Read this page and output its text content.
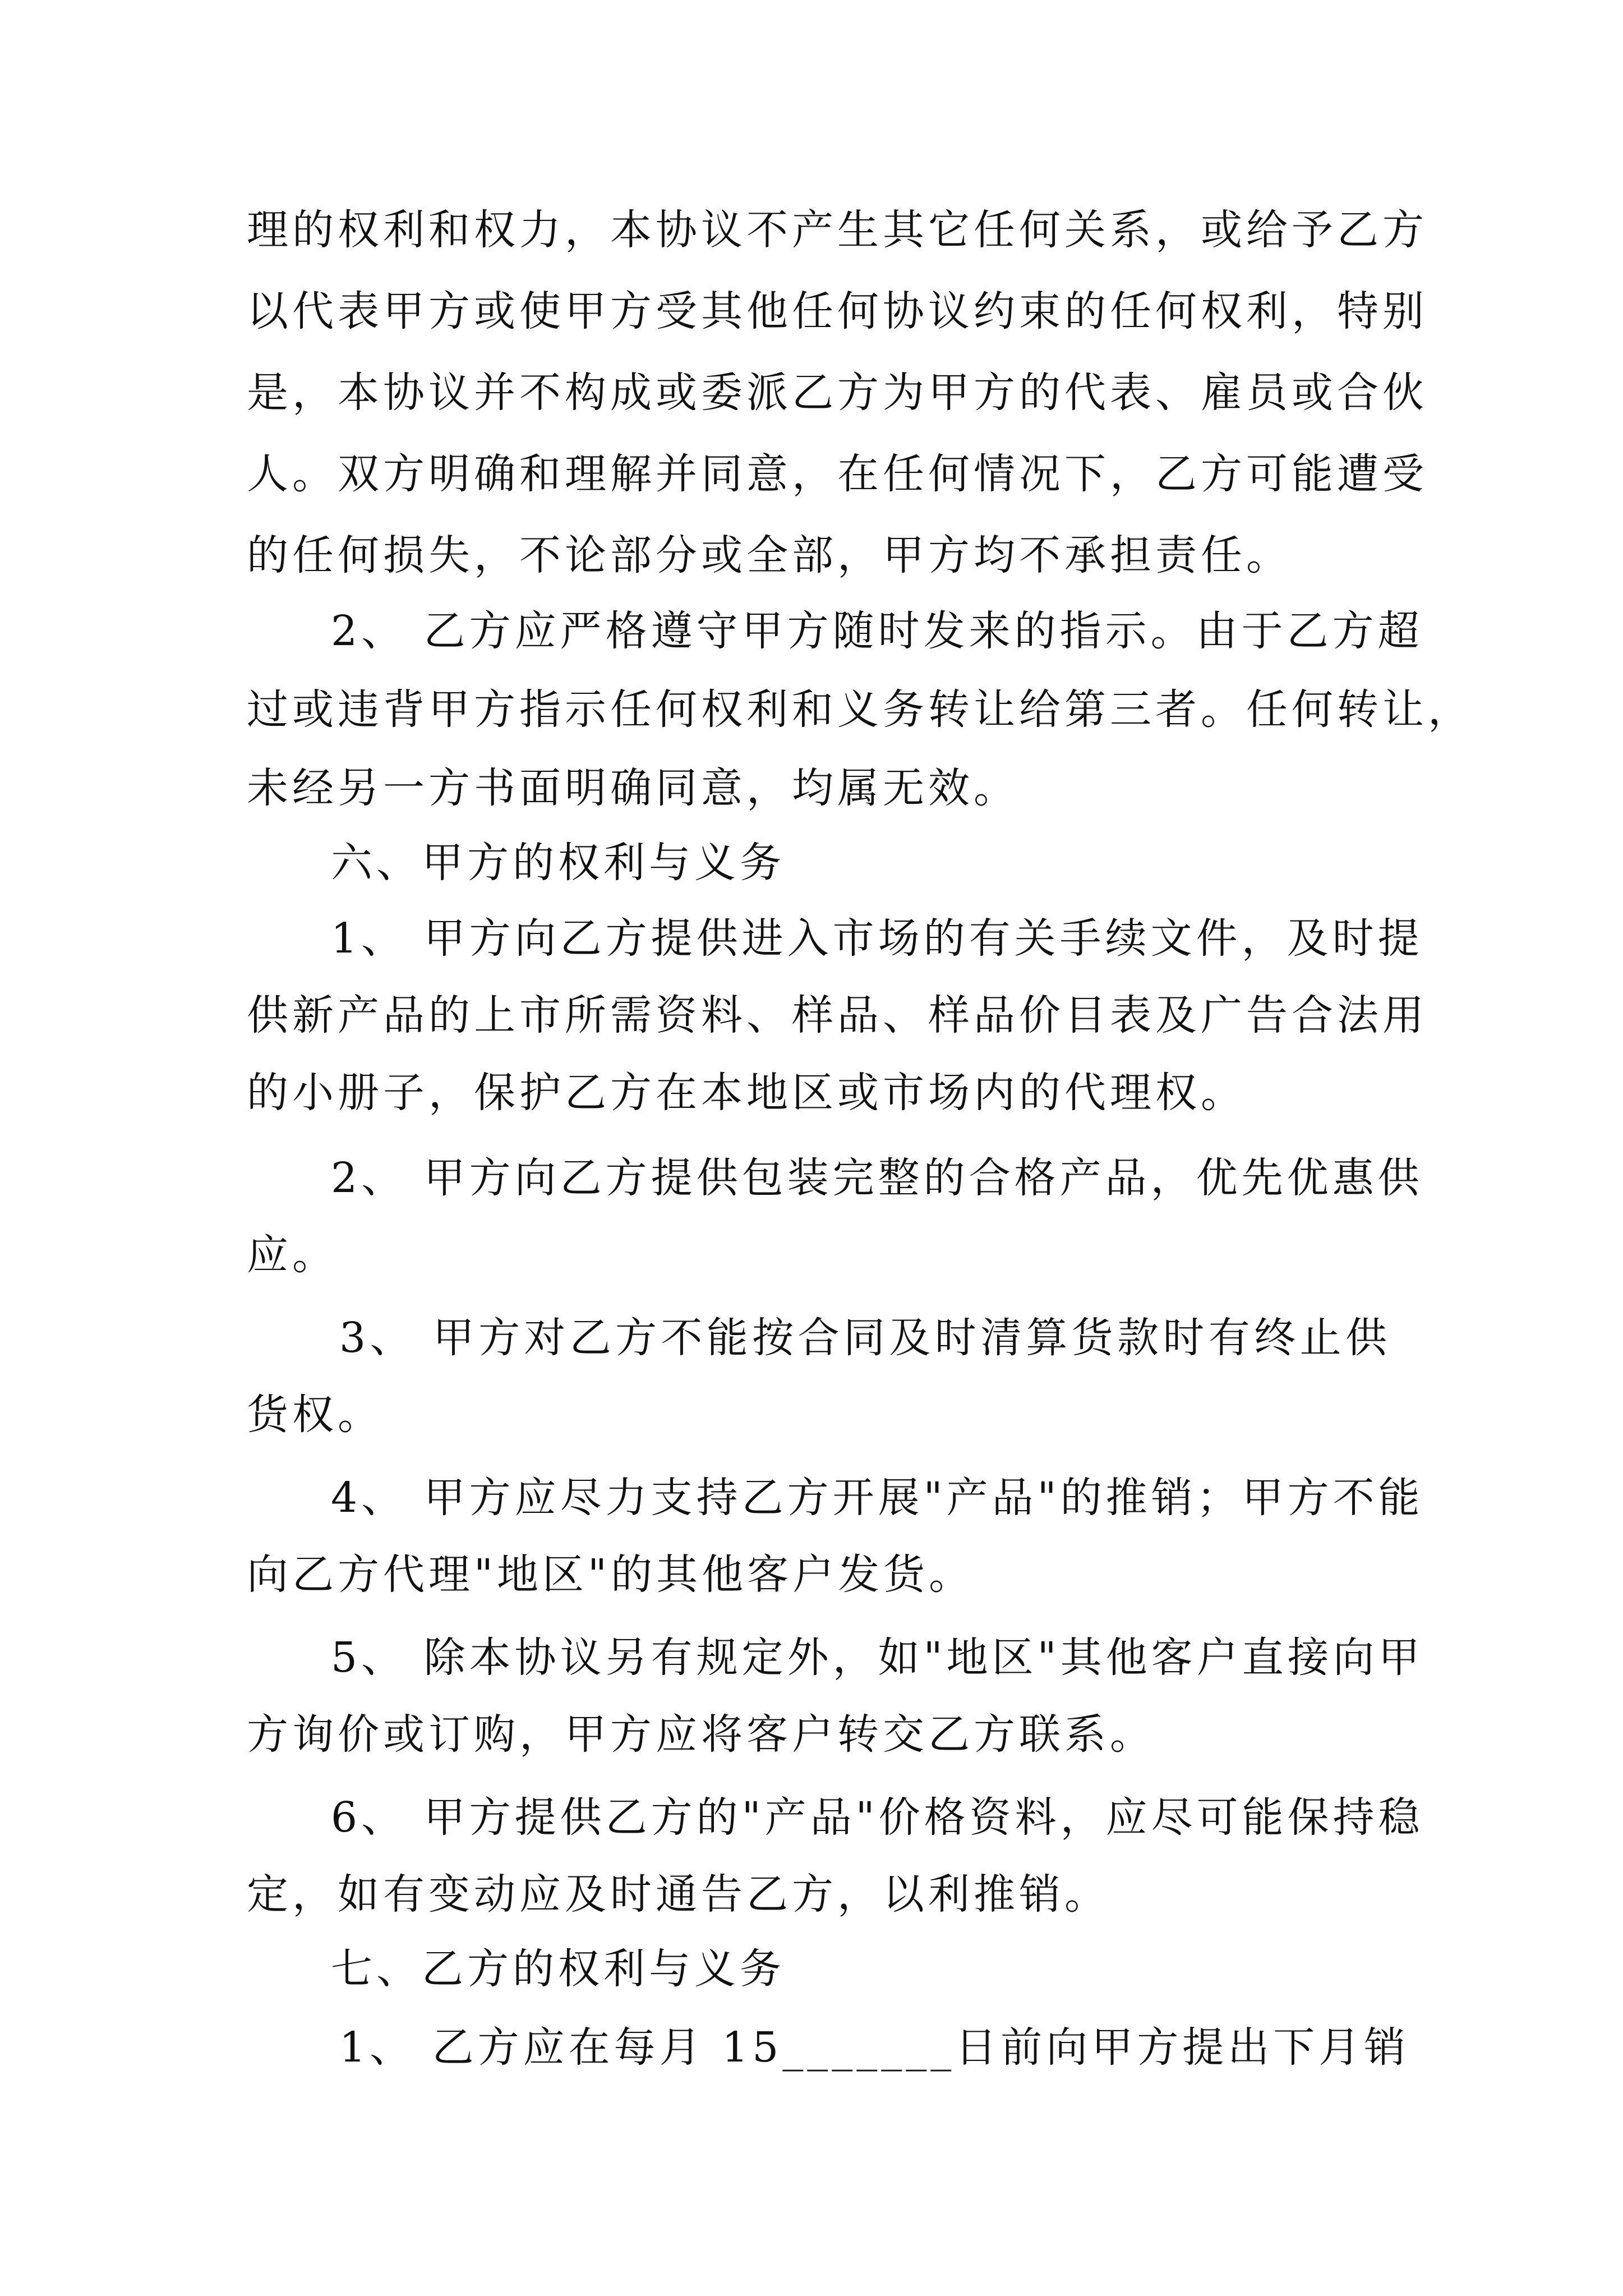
理的权利和权力，本协议不产生其它任何关系，或给予乙方
以代表甲方或使甲方受其他任何协议约束的任何权利，特别
是，本协议并不构成或委派乙方为甲方的代表、雇员或合伙
人。双方明确和理解并同意，在任何情况下，乙方可能遭受
的任何损失，不论部分或全部，甲方均不承担责任。
2、 乙方应严格遵守甲方随时发来的指示。由于乙方超
过或违背甲方指示任何权利和义务转让给第三者。任何转让，
未经另一方书面明确同意，均属无效。
六、甲方的权利与义务
1、 甲方向乙方提供进入市场的有关手续文件，及时提
供新产品的上市所需资料、样品、样品价目表及广告合法用
的小册子，保护乙方在本地区或市场内的代理权。
2、 甲方向乙方提供包装完整的合格产品，优先优惠供
应。
3、 甲方对乙方不能按合同及时清算货款时有终止供
货权。
4、 甲方应尽力支持乙方开展"产品"的推销；甲方不能
向乙方代理"地区"的其他客户发货。
5、 除本协议另有规定外，如"地区"其他客户直接向甲
方询价或订购，甲方应将客户转交乙方联系。
6、 甲方提供乙方的"产品"价格资料，应尽可能保持稳
定，如有变动应及时通告乙方，以利推销。
七、乙方的权利与义务
1、 乙方应在每月 15_______日前向甲方提出下月销
